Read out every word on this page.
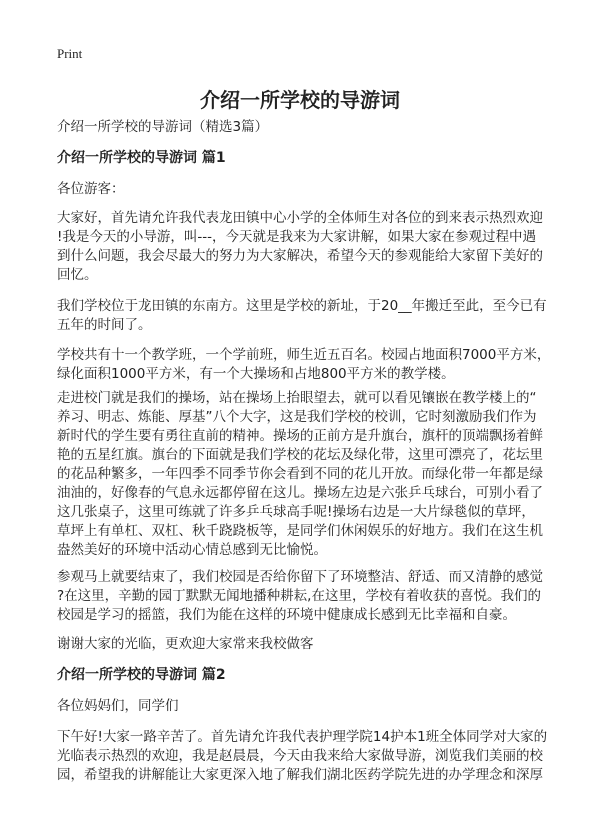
Print
介绍一所学校的导游词
介绍一所学校的导游词（精选3篇）
介绍一所学校的导游词 篇1
各位游客：
大家好，首先请允许我代表龙田镇中心小学的全体师生对各位的到来表示热烈欢迎
!我是今天的小导游，叫---，今天就是我来为大家讲解，如果大家在参观过程中遇
到什么问题，我会尽最大的努力为大家解决，希望今天的参观能给大家留下美好的
回忆。
我们学校位于龙田镇的东南方。这里是学校的新址，于20__年搬迁至此，至今已有
五年的时间了。
学校共有十一个教学班，一个学前班，师生近五百名。校园占地面积7000平方米，
绿化面积1000平方米，有一个大操场和占地800平方米的教学楼。
走进校门就是我们的操场，站在操场上抬眼望去，就可以看见镶嵌在教学楼上的“
养习、明志、炼能、厚基”八个大字，这是我们学校的校训，它时刻激励我们作为
新时代的学生要有勇往直前的精神。操场的正前方是升旗台，旗杆的顶端飘扬着鲜
艳的五星红旗。旗台的下面就是我们学校的花坛及绿化带，这里可漂亮了，花坛里
的花品种繁多，一年四季不同季节你会看到不同的花儿开放。而绿化带一年都是绿
油油的，好像春的气息永远都停留在这儿。操场左边是六张乒乓球台，可别小看了
这几张桌子，这里可练就了许多乒乓球高手呢!操场右边是一大片绿毯似的草坪，
草坪上有单杠、双杠、秋千跷跷板等，是同学们休闲娱乐的好地方。我们在这生机
盎然美好的环境中活动心情总感到无比愉悦。
参观马上就要结束了，我们校园是否给你留下了环境整洁、舒适、而又清静的感觉
?在这里，辛勤的园丁默默无闻地播种耕耘,在这里，学校有着收获的喜悦。我们的
校园是学习的摇篮，我们为能在这样的环境中健康成长感到无比幸福和自豪。
谢谢大家的光临，更欢迎大家常来我校做客
介绍一所学校的导游词 篇2
各位妈妈们，同学们
下午好!大家一路辛苦了。首先请允许我代表护理学院14护本1班全体同学对大家的
光临表示热烈的欢迎，我是赵晨晨，今天由我来给大家做导游，浏览我们美丽的校
园，希望我的讲解能让大家更深入地了解我们湖北医药学院先进的办学理念和深厚
